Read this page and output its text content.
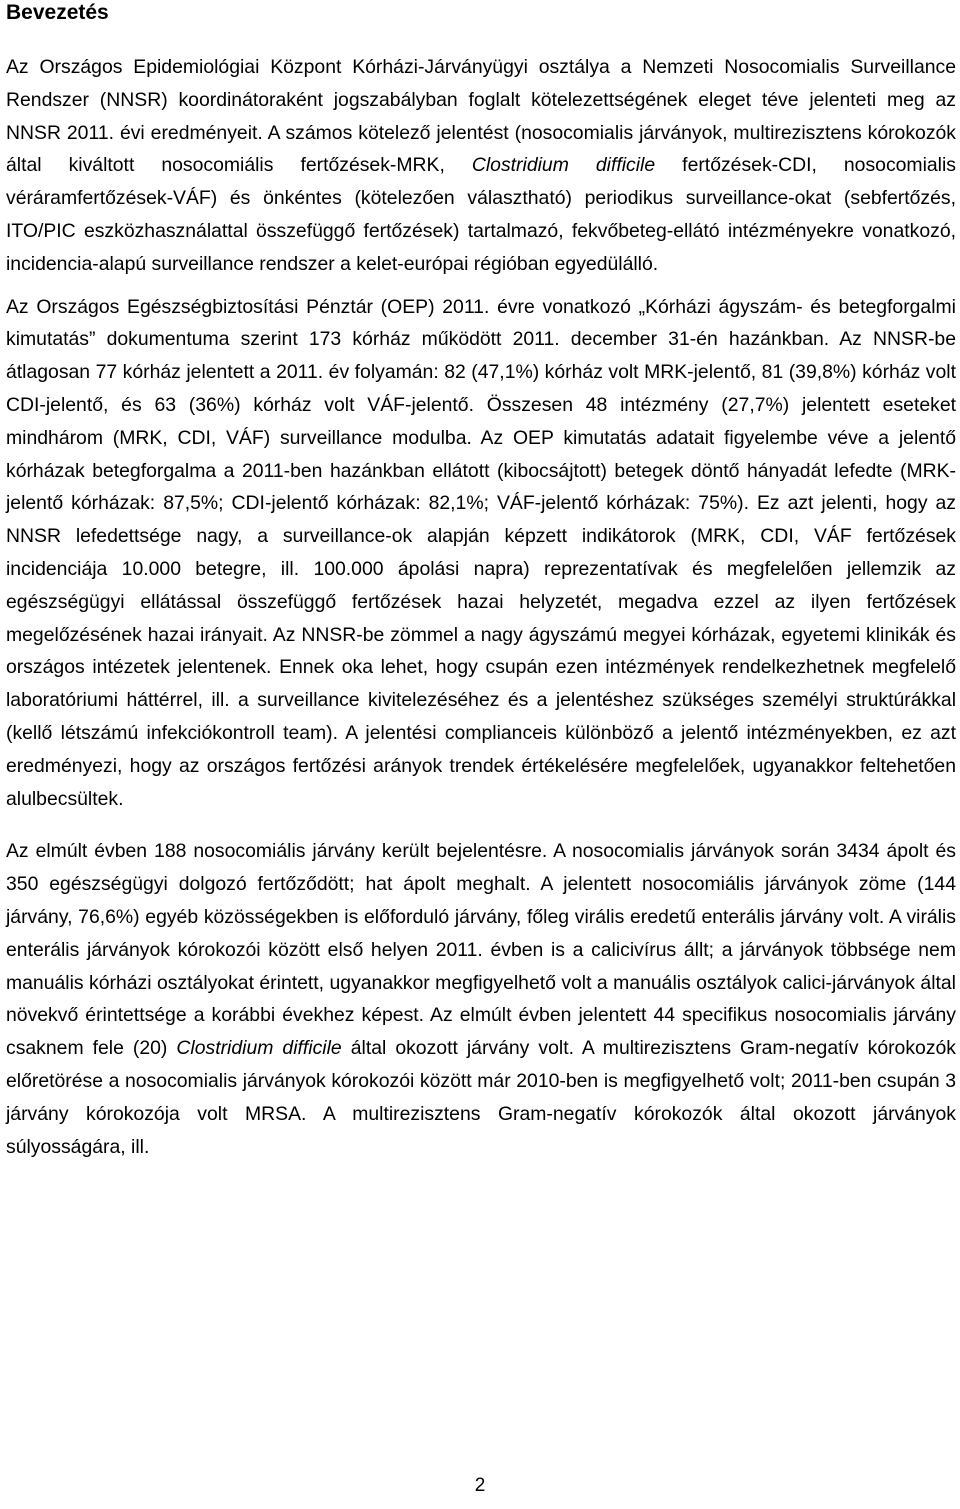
Bevezetés

Az Országos Epidemiológiai Központ Kórházi-Járványügyi osztálya a Nemzeti Nosocomialis Surveillance Rendszer (NNSR) koordinátoraként jogszabályban foglalt kötelezettségének eleget téve jelenteti meg az NNSR 2011. évi eredményeit. A számos kötelező jelentést (nosocomialis járványok, multirezisztens kórokozók által kiváltott nosocomiális fertőzések-MRK, Clostridium difficile fertőzések-CDI, nosocomialis véráramfertőzések-VÁF) és önkéntes (kötelezően választható) periodikus surveillance-okat (sebfertőzés, ITO/PIC eszközhasználattal összefüggő fertőzések) tartalmazó, fekvőbeteg-ellátó intézményekre vonatkozó, incidencia-alapú surveillance rendszer a kelet-európai régióban egyedülálló.

Az Országos Egészségbiztosítási Pénztár (OEP) 2011. évre vonatkozó „Kórházi ágyszám- és betegforgalmi kimutatás” dokumentuma szerint 173 kórház működött 2011. december 31-én hazánkban. Az NNSR-be átlagosan 77 kórház jelentett a 2011. év folyamán: 82 (47,1%) kórház volt MRK-jelentő, 81 (39,8%) kórház volt CDI-jelentő, és 63 (36%) kórház volt VÁF-jelentő. Összesen 48 intézmény (27,7%) jelentett eseteket mindhárom (MRK, CDI, VÁF) surveillance modulba. Az OEP kimutatás adatait figyelembe véve a jelentő kórházak betegforgalma a 2011-ben hazánkban ellátott (kibocsájtott) betegek döntő hányadát lefedte (MRK-jelentő kórházak: 87,5%; CDI-jelentő kórházak: 82,1%; VÁF-jelentő kórházak: 75%). Ez azt jelenti, hogy az NNSR lefedettsége nagy, a surveillance-ok alapján képzett indikátorok (MRK, CDI, VÁF fertőzések incidenciája 10.000 betegre, ill. 100.000 ápolási napra) reprezentatívak és megfelelően jellemzik az egészségügyi ellátással összefüggő fertőzések hazai helyzetét, megadva ezzel az ilyen fertőzések megelőzésének hazai irányait. Az NNSR-be zömmel a nagy ágyszámú megyei kórházak, egyetemi klinikák és országos intézetek jelentenek. Ennek oka lehet, hogy csupán ezen intézmények rendelkezhetnek megfelelő laboratóriumi háttérrel, ill. a surveillance kivitelezéséhez és a jelentéshez szükséges személyi struktúrákkal (kellő létszámú infekciókontroll team). A jelentési complianceis különböző a jelentő intézményekben, ez azt eredményezi, hogy az országos fertőzési arányok trendek értékelésére megfelelőek, ugyanakkor feltehetően alulbecsültek.

Az elmúlt évben 188 nosocomiális járvány került bejelentésre. A nosocomialis járványok során 3434 ápolt és 350 egészségügyi dolgozó fertőződött; hat ápolt meghalt. A jelentett nosocomiális járványok zöme (144 járvány, 76,6%) egyéb közösségekben is előforduló járvány, főleg virális eredetű enterális járvány volt. A virális enterális járványok kórokozói között első helyen 2011. évben is a calicivírus állt; a járványok többsége nem manuális kórházi osztályokat érintett, ugyanakkor megfigyelhető volt a manuális osztályok calici-járványok által növekvő érintettsége a korábbi évekhez képest. Az elmúlt évben jelentett 44 specifikus nosocomialis járvány csaknem fele (20) Clostridium difficile által okozott járvány volt. A multirezisztens Gram-negatív kórokozók előretörése a nosocomialis járványok kórokozói között már 2010-ben is megfigyelhető volt; 2011-ben csupán 3 járvány kórokozója volt MRSA. A multirezisztens Gram-negatív kórokozók által okozott járványok súlyosságára, ill.

2
